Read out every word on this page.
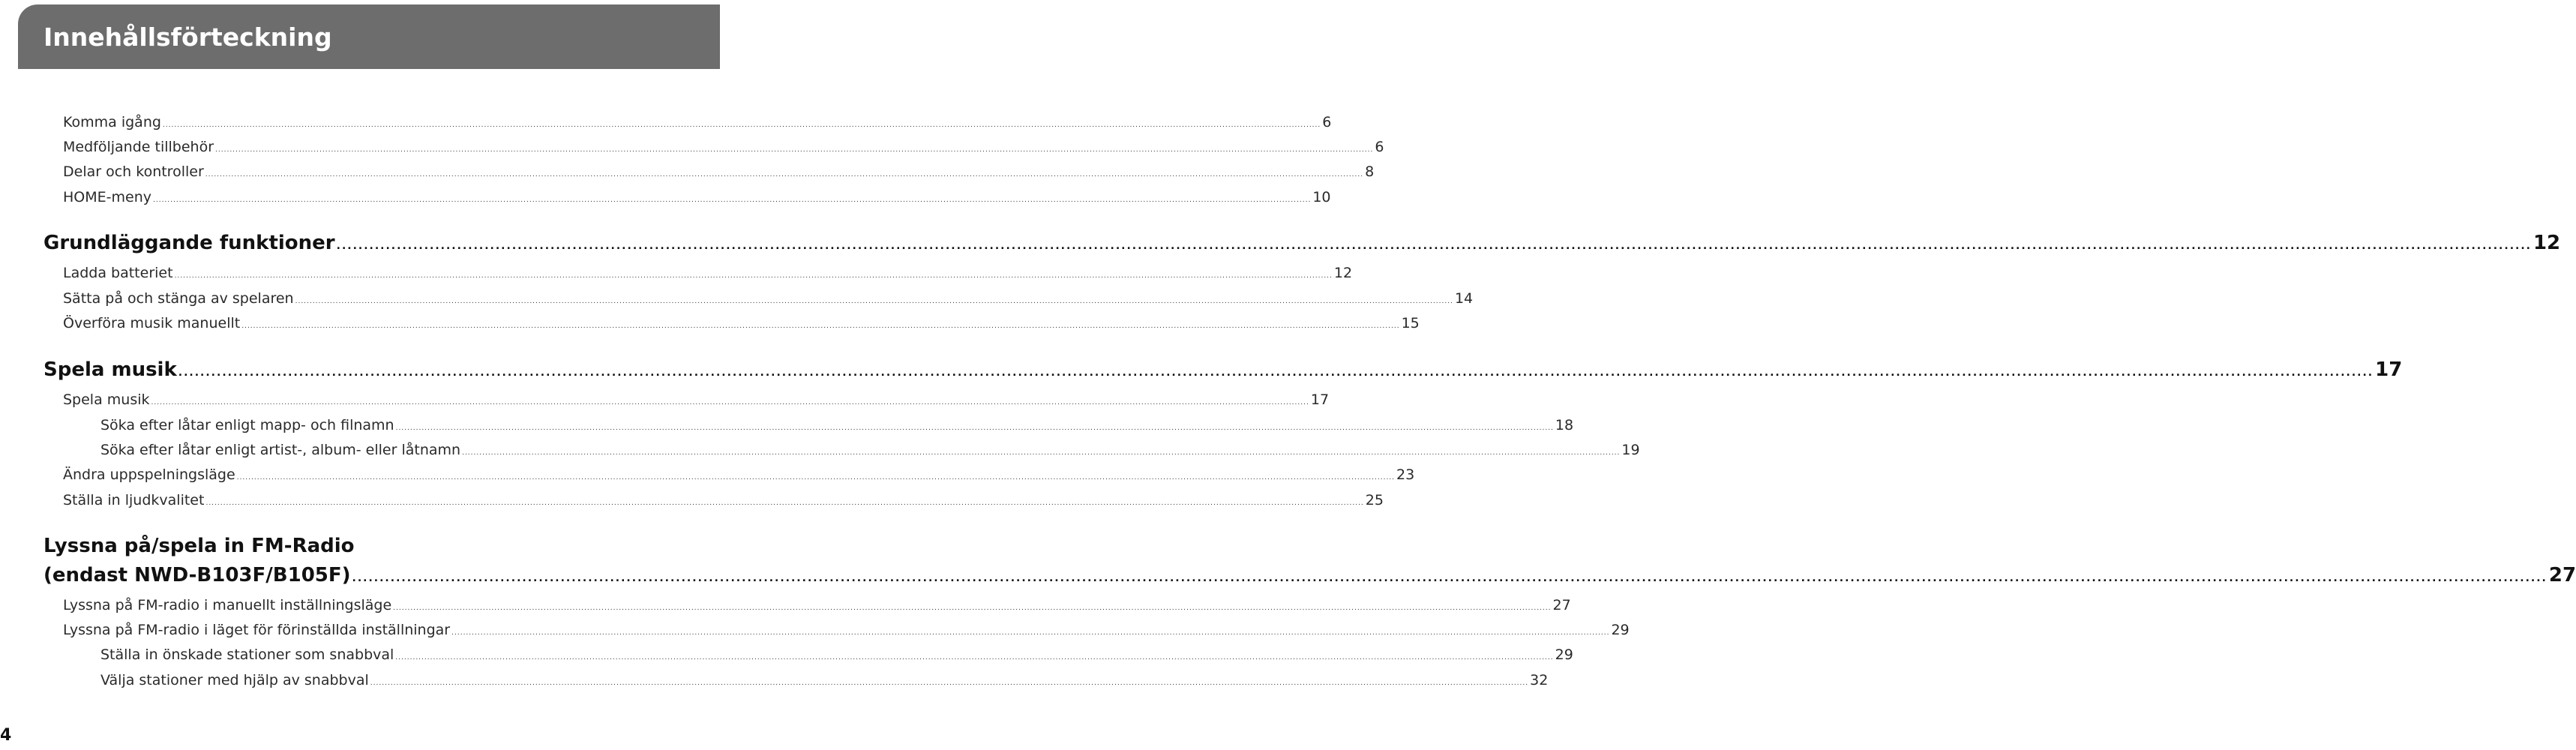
Innehållsförteckning
Komma igång ................................................................................................................................................................................................................................................................................................................................................................................................................ 6
Medföljande tillbehör ................................................................................................................................................................................................................................................................................................................................................................................................................ 6
Delar och kontroller ................................................................................................................................................................................................................................................................................................................................................................................................................ 8
HOME-meny ................................................................................................................................................................................................................................................................................................................................................................................................................ 10
Grundläggande funktioner ................................................................................................................................................................................................................................................................................................................................................................................................................ 12
Ladda batteriet ................................................................................................................................................................................................................................................................................................................................................................................................................ 12
Sätta på och stänga av spelaren ................................................................................................................................................................................................................................................................................................................................................................................................................ 14
Överföra musik manuellt ................................................................................................................................................................................................................................................................................................................................................................................................................ 15
Spela musik ................................................................................................................................................................................................................................................................................................................................................................................................................ 17
Spela musik ................................................................................................................................................................................................................................................................................................................................................................................................................ 17
Söka efter låtar enligt mapp- och filnamn ................................................................................................................................................................................................................................................................................................................................................................................................................ 18
Söka efter låtar enligt artist-, album- eller låtnamn ................................................................................................................................................................................................................................................................................................................................................................................................................ 19
Ändra uppspelningsläge ................................................................................................................................................................................................................................................................................................................................................................................................................ 23
Ställa in ljudkvalitet ................................................................................................................................................................................................................................................................................................................................................................................................................ 25
Lyssna på/spela in FM-Radio
(endast NWD-B103F/B105F) ................................................................................................................................................................................................................................................................................................................................................................................................................ 27
Lyssna på FM-radio i manuellt inställningsläge ................................................................................................................................................................................................................................................................................................................................................................................................................ 27
Lyssna på FM-radio i läget för förinställda inställningar ................................................................................................................................................................................................................................................................................................................................................................................................................ 29
Ställa in önskade stationer som snabbval ................................................................................................................................................................................................................................................................................................................................................................................................................ 29
Välja stationer med hjälp av snabbval ................................................................................................................................................................................................................................................................................................................................................................................................................ 32
4
